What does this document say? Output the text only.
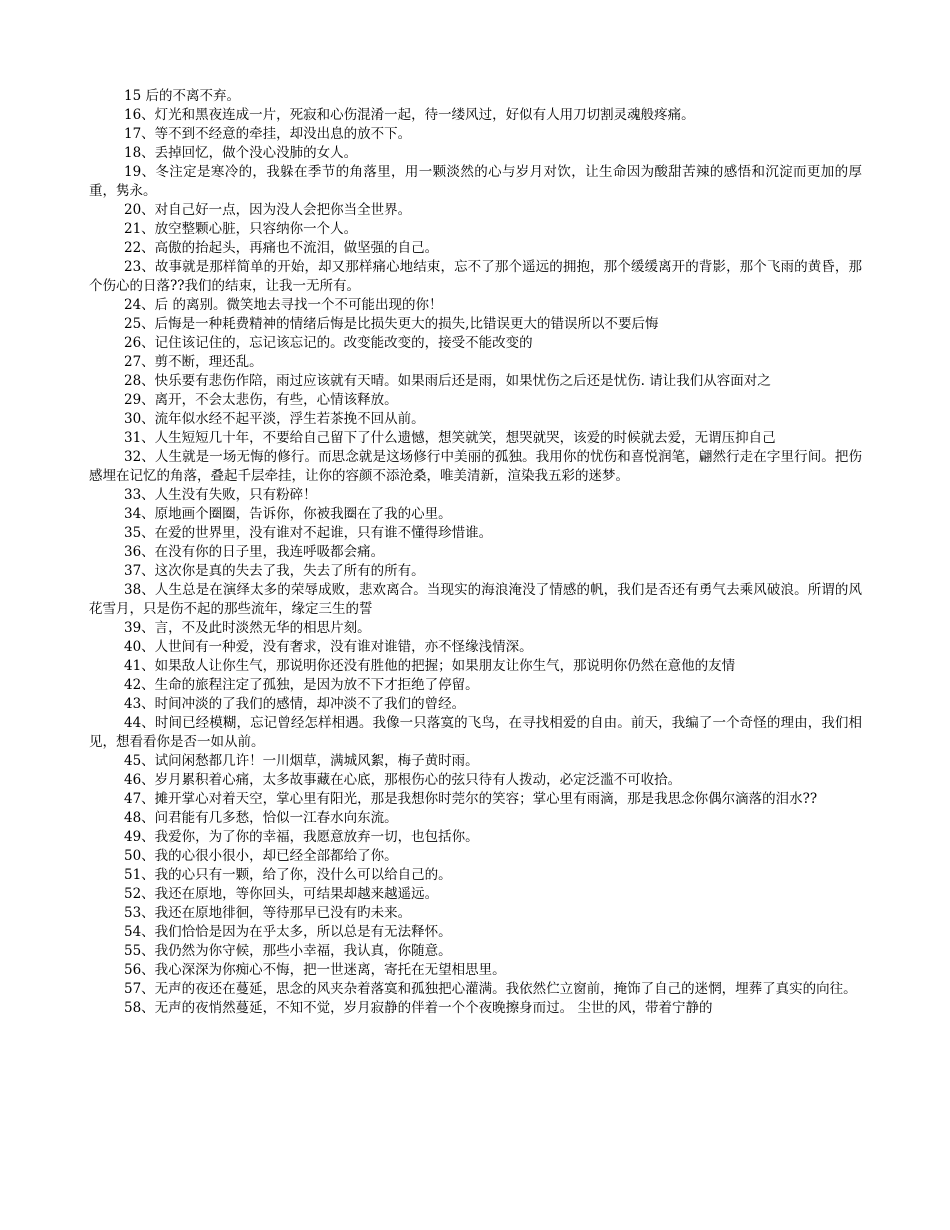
15 后的不离不弃。

16、灯光和黑夜连成一片，死寂和心伤混淆一起，待一缕风过，好似有人用刀切割灵魂般疼痛。

17、等不到不经意的牵挂，却没出息的放不下。

18、丢掉回忆，做个没心没肺的女人。

19、冬注定是寒冷的，我躲在季节的角落里，用一颗淡然的心与岁月对饮，让生命因为酸甜苦辣的感悟和沉淀而更加的厚重，隽永。

20、对自己好一点，因为没人会把你当全世界。

21、放空整颗心脏，只容纳你一个人。

22、高傲的抬起头，再痛也不流泪，做坚强的自己。

23、故事就是那样简单的开始，却又那样痛心地结束，忘不了那个遥远的拥抱，那个缓缓离开的背影，那个飞雨的黄昏，那个伤心的日落??我们的结束，让我一无所有。

24、后 的离别。微笑地去寻找一个不可能出现的你！

25、后悔是一种耗费精神的情绪后悔是比损失更大的损失,比错误更大的错误所以不要后悔

26、记住该记住的，忘记该忘记的。改变能改变的，接受不能改变的

27、剪不断，理还乱。

28、快乐要有悲伤作陪，雨过应该就有天晴。如果雨后还是雨，如果忧伤之后还是忧伤. 请让我们从容面对之

29、离开，不会太悲伤，有些，心情该释放。

30、流年似水经不起平淡，浮生若茶挽不回从前。

31、人生短短几十年，不要给自己留下了什么遗憾，想笑就笑，想哭就哭，该爱的时候就去爱，无谓压抑自己

32、人生就是一场无悔的修行。而思念就是这场修行中美丽的孤独。我用你的忧伤和喜悦润笔，翩然行走在字里行间。把伤感埋在记忆的角落，叠起千层牵挂，让你的容颜不添沧桑，唯美清新，渲染我五彩的迷梦。

33、人生没有失败，只有粉碎！

34、原地画个圈圈，告诉你，你被我圈在了我的心里。

35、在爱的世界里，没有谁对不起谁，只有谁不懂得珍惜谁。

36、在没有你的日子里，我连呼吸都会痛。

37、这次你是真的失去了我，失去了所有的所有。

38、人生总是在演绎太多的荣辱成败，悲欢离合。当现实的海浪淹没了情感的帆，我们是否还有勇气去乘风破浪。所谓的风花雪月，只是伤不起的那些流年，缘定三生的誓

39、言，不及此时淡然无华的相思片刻。

40、人世间有一种爱，没有奢求，没有谁对谁错，亦不怪缘浅情深。

41、如果敌人让你生气，那说明你还没有胜他的把握；如果朋友让你生气，那说明你仍然在意他的友情

42、生命的旅程注定了孤独，是因为放不下才拒绝了停留。

43、时间冲淡的了我们的感情，却冲淡不了我们的曾经。

44、时间已经模糊，忘记曾经怎样相遇。我像一只落寞的飞鸟，在寻找相爱的自由。前天，我编了一个奇怪的理由，我们相见，想看看你是否一如从前。

45、试问闲愁都几许！一川烟草，满城风絮，梅子黄时雨。

46、岁月累积着心痛，太多故事藏在心底，那根伤心的弦只待有人拨动，必定泛滥不可收拾。

47、摊开掌心对着天空，掌心里有阳光，那是我想你时莞尔的笑容；掌心里有雨滴，那是我思念你偶尔滴落的泪水??

48、问君能有几多愁，恰似一江春水向东流。

49、我爱你，为了你的幸福，我愿意放弃一切，也包括你。

50、我的心很小很小，却已经全部都给了你。

51、我的心只有一颗，给了你，没什么可以给自己的。

52、我还在原地，等你回头，可结果却越来越遥远。

53、我还在原地徘徊，等待那早已没有旳未来。

54、我们恰恰是因为在乎太多，所以总是有无法释怀。

55、我仍然为你守候，那些小幸福，我认真，你随意。

56、我心深深为你痴心不悔，把一世迷离，寄托在无望相思里。

57、无声的夜还在蔓延，思念的风夹杂着落寞和孤独把心灌满。我依然伫立窗前，掩饰了自己的迷惘，埋葬了真实的向往。

58、无声的夜悄然蔓延，不知不觉，岁月寂静的伴着一个个夜晚擦身而过。 尘世的风，带着宁静的
